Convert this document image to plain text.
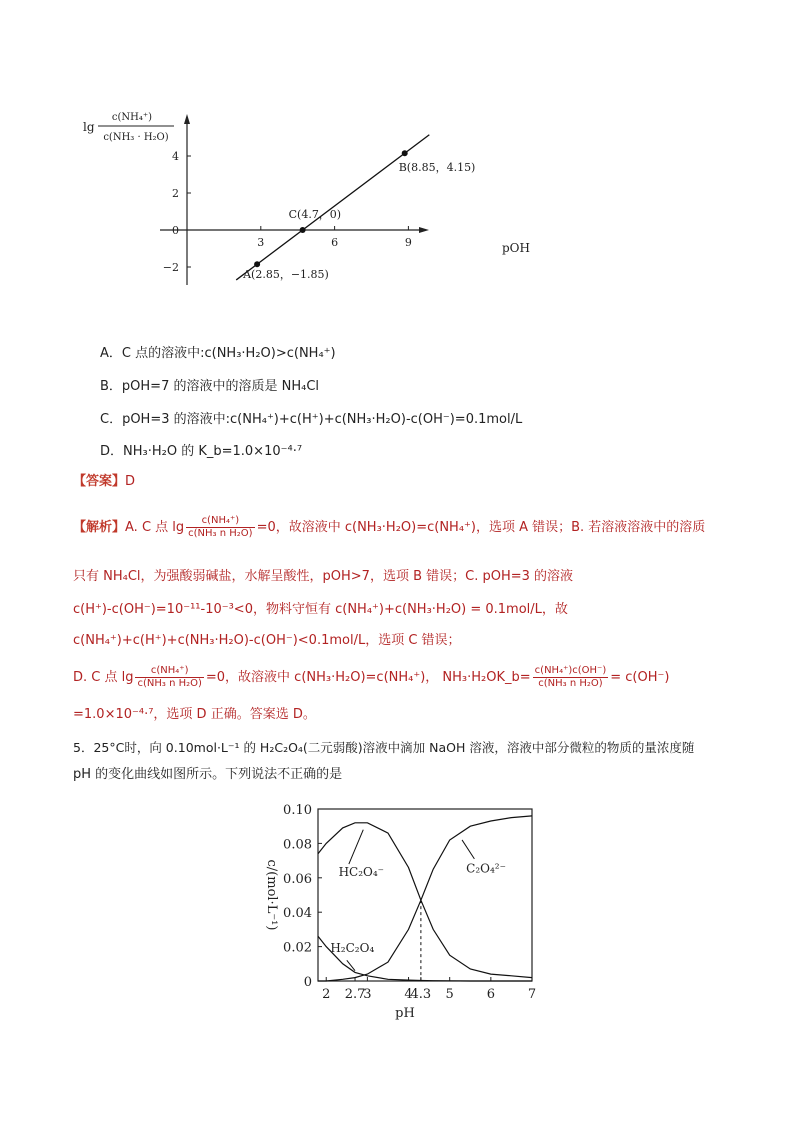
lg
c(NH₄⁺)
c(NH₃ · H₂O)
pOH
3	6	9
4
2
0
−2
A(2.85，−1.85)
C(4.7，0)
B(8.85，4.15)
A．C 点的溶液中:c(NH₃·H₂O)>c(NH₄⁺)
B．pOH=7 的溶液中的溶质是 NH₄Cl
C．pOH=3 的溶液中:c(NH₄⁺)+c(H⁺)+c(NH₃·H₂O)-c(OH⁻)=0.1mol/L
D．NH₃·H₂O 的 K_b=1.0×10⁻⁴·⁷
【答案】D
【解析】A. C 点 $\lg \frac{\text{c(NH₄⁺)}}{\text{c(NH₃ n H₂O)}} =0$，故溶液中 c(NH₃·H₂O)=c(NH₄⁺)，选项 A 错误；B. 若溶液溶液中的溶质
只有 NH₄Cl，为强酸弱碱盐，水解呈酸性，pOH>7，选项 B 错误；C. pOH=3 的溶液
c(H⁺)-c(OH⁻)=10⁻¹¹-10⁻³<0，物料守恒有 c(NH₄⁺)+c(NH₃·H₂O) = 0.1mol/L，故
c(NH₄⁺)+c(H⁺)+c(NH₃·H₂O)-c(OH⁻)<0.1mol/L，选项 C 错误；
D. C 点 $\lg \frac{\text{c(NH₄⁺)}}{\text{c(NH₃ n H₂O)}} =0$，故溶液中 c(NH₃·H₂O)=c(NH₄⁺)， NH₃·H₂OK_b= $\frac{\text{c(NH₄⁺)c(OH⁻)}}{\text{c(NH₃ n H₂O)}} = c(OH^-)$
=1.0×10⁻⁴·⁷，选项 D 正确。答案选 D。
5．25°C时，向 0.10mol·L⁻¹ 的 H₂C₂O₄(二元弱酸)溶液中滴加 NaOH 溶液，溶液中部分微粒的物质的量浓度随
pH 的变化曲线如图所示。下列说法不正确的是
0.10
0.08
0.06
0.04
0.02
0
2 2.7
3	4
4.3 5	6	7
pH
c/(mol·L⁻¹)	HC₂O₄⁻	C₂O₄²⁻
H₂C₂O₄
